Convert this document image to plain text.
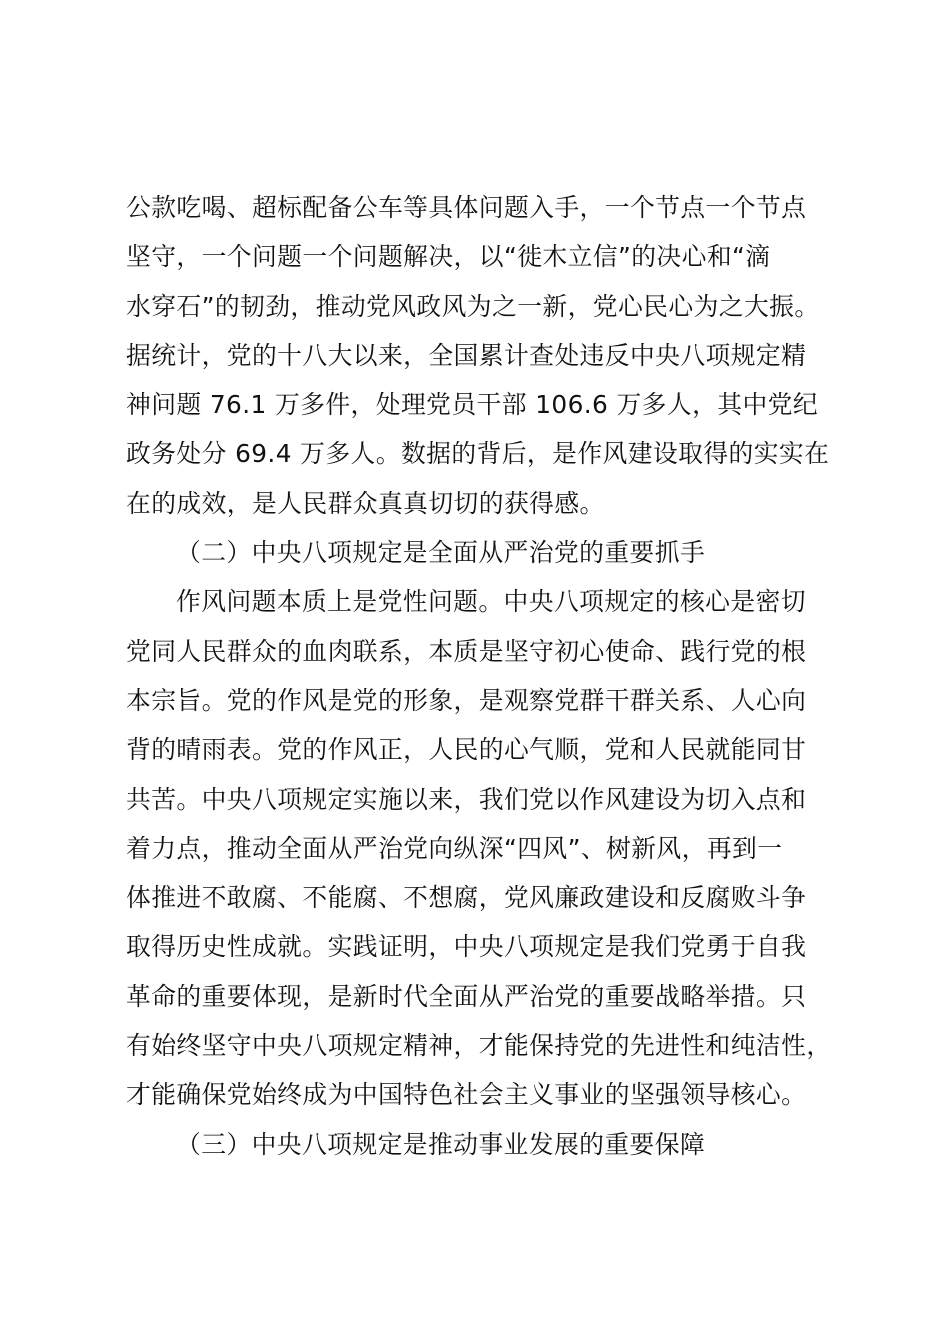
公款吃喝、超标配备公车等具体问题入手，一个节点一个节点
坚守，一个问题一个问题解决，以“徙木立信”的决心和“滴
水穿石”的韧劲，推动党风政风为之一新，党心民心为之大振。
据统计，党的十八大以来，全国累计查处违反中央八项规定精
神问题 76.1 万多件，处理党员干部 106.6 万多人，其中党纪
政务处分 69.4 万多人。数据的背后，是作风建设取得的实实在
在的成效，是人民群众真真切切的获得感。
（二）中央八项规定是全面从严治党的重要抓手
作风问题本质上是党性问题。中央八项规定的核心是密切
党同人民群众的血肉联系，本质是坚守初心使命、践行党的根
本宗旨。党的作风是党的形象，是观察党群干群关系、人心向
背的晴雨表。党的作风正，人民的心气顺，党和人民就能同甘
共苦。中央八项规定实施以来，我们党以作风建设为切入点和
着力点，推动全面从严治党向纵深“四风”、树新风，再到一
体推进不敢腐、不能腐、不想腐，党风廉政建设和反腐败斗争
取得历史性成就。实践证明，中央八项规定是我们党勇于自我
革命的重要体现，是新时代全面从严治党的重要战略举措。只
有始终坚守中央八项规定精神，才能保持党的先进性和纯洁性，
才能确保党始终成为中国特色社会主义事业的坚强领导核心。
（三）中央八项规定是推动事业发展的重要保障
